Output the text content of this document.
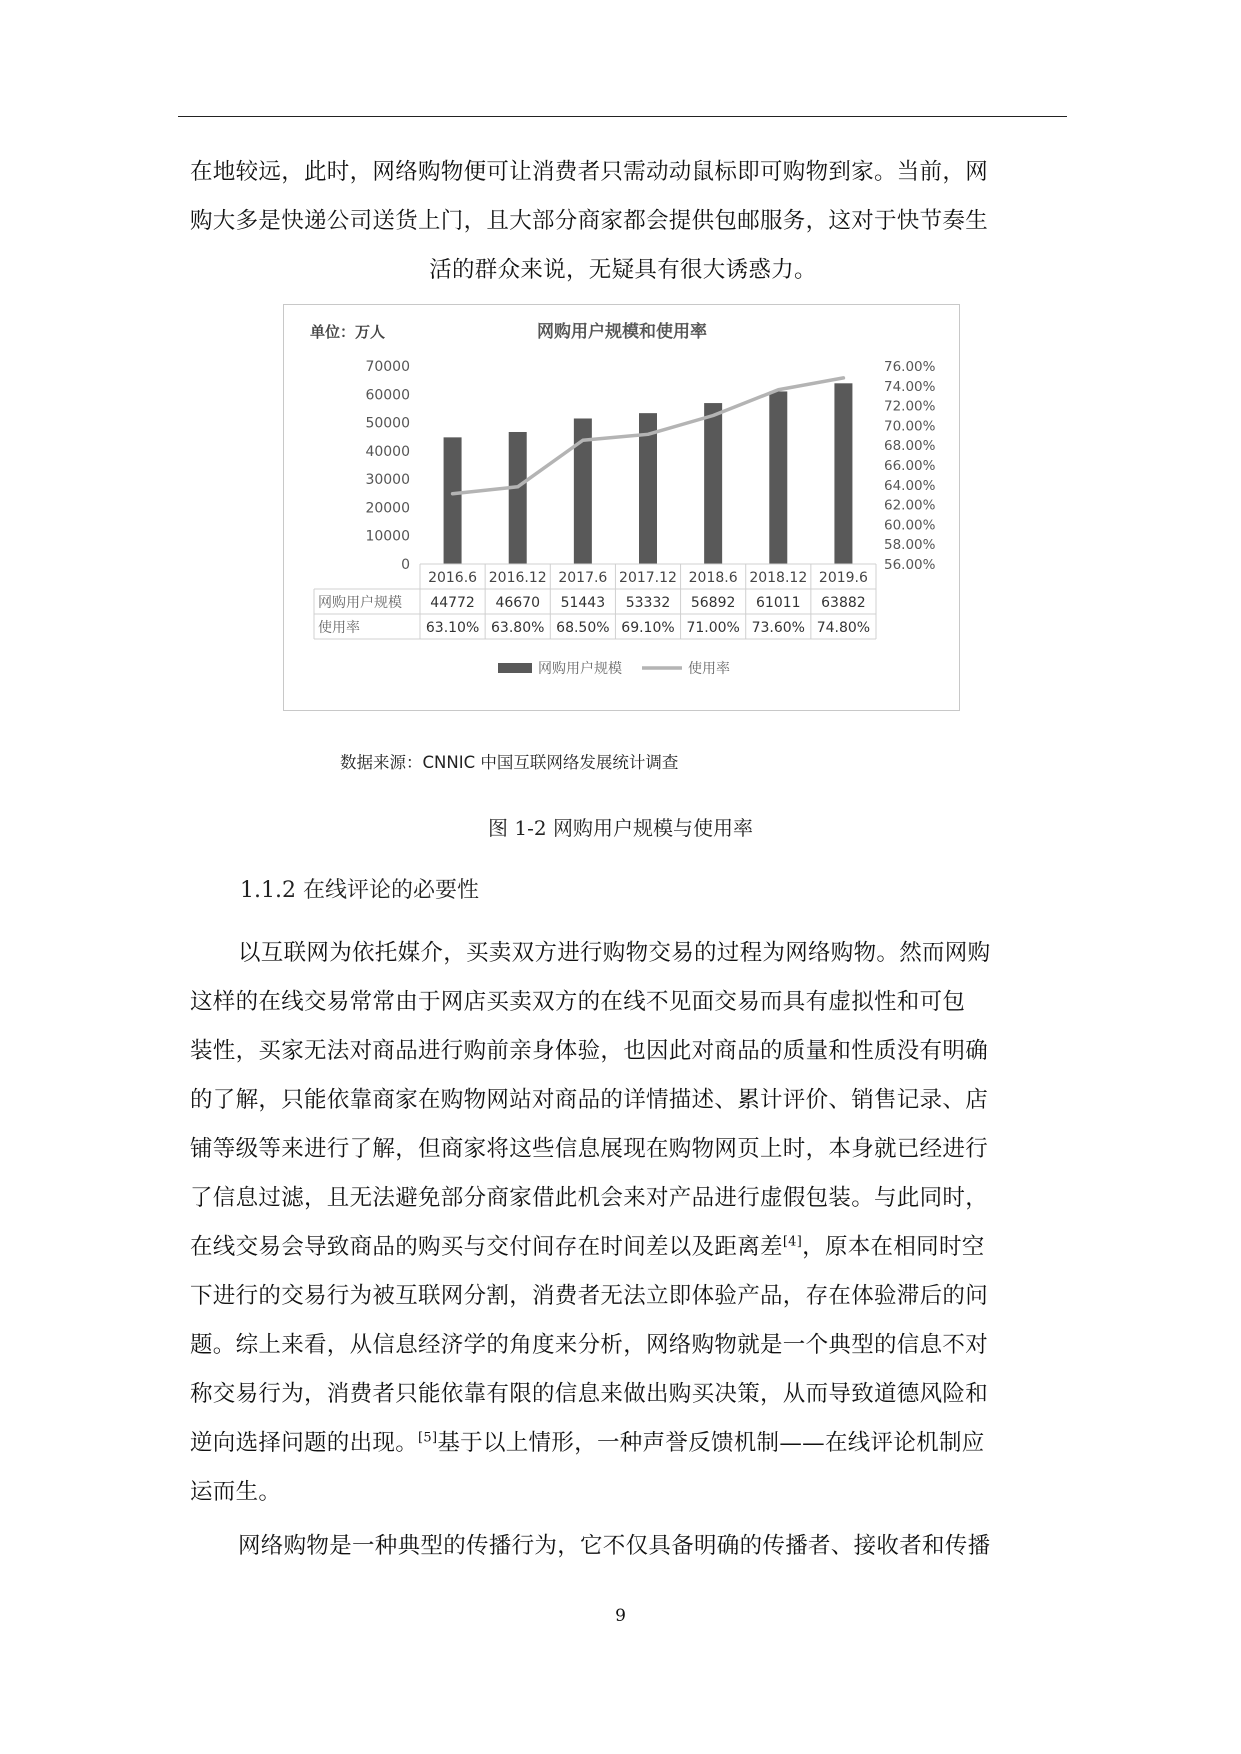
在地较远，此时，网络购物便可让消费者只需动动鼠标即可购物到家。当前，网
购大多是快递公司送货上门，且大部分商家都会提供包邮服务，这对于快节奏生
活的群众来说，无疑具有很大诱惑力。
单位：万人	网购用户规模和使用率
0
10000
20000
30000
40000
50000
60000
70000
56.00%
58.00%
60.00%
62.00%
64.00%
66.00%
68.00%
70.00%
72.00%
74.00%
76.00%
2016.6 2016.12 2017.6 2017.12 2018.6 2018.12 2019.6
网购用户规模
使用率
44772 46670 51443 53332 56892 61011 63882
63.10% 63.80% 68.50% 69.10% 71.00% 73.60% 74.80%
网购用户规模	使用率
数据来源：CNNIC 中国互联网络发展统计调查
图 1-2 网购用户规模与使用率
1.1.2 在线评论的必要性
以互联网为依托媒介，买卖双方进行购物交易的过程为网络购物。然而网购
这样的在线交易常常由于网店买卖双方的在线不见面交易而具有虚拟性和可包
装性，买家无法对商品进行购前亲身体验，也因此对商品的质量和性质没有明确
的了解，只能依靠商家在购物网站对商品的详情描述、累计评价、销售记录、店
铺等级等来进行了解，但商家将这些信息展现在购物网页上时，本身就已经进行
了信息过滤，且无法避免部分商家借此机会来对产品进行虚假包装。与此同时，
在线交易会导致商品的购买与交付间存在时间差以及距离差[4]，原本在相同时空
下进行的交易行为被互联网分割，消费者无法立即体验产品，存在体验滞后的问
题。综上来看，从信息经济学的角度来分析，网络购物就是一个典型的信息不对
称交易行为，消费者只能依靠有限的信息来做出购买决策，从而导致道德风险和
逆向选择问题的出现。[5]基于以上情形，一种声誉反馈机制——在线评论机制应
运而生。
网络购物是一种典型的传播行为，它不仅具备明确的传播者、接收者和传播
9
